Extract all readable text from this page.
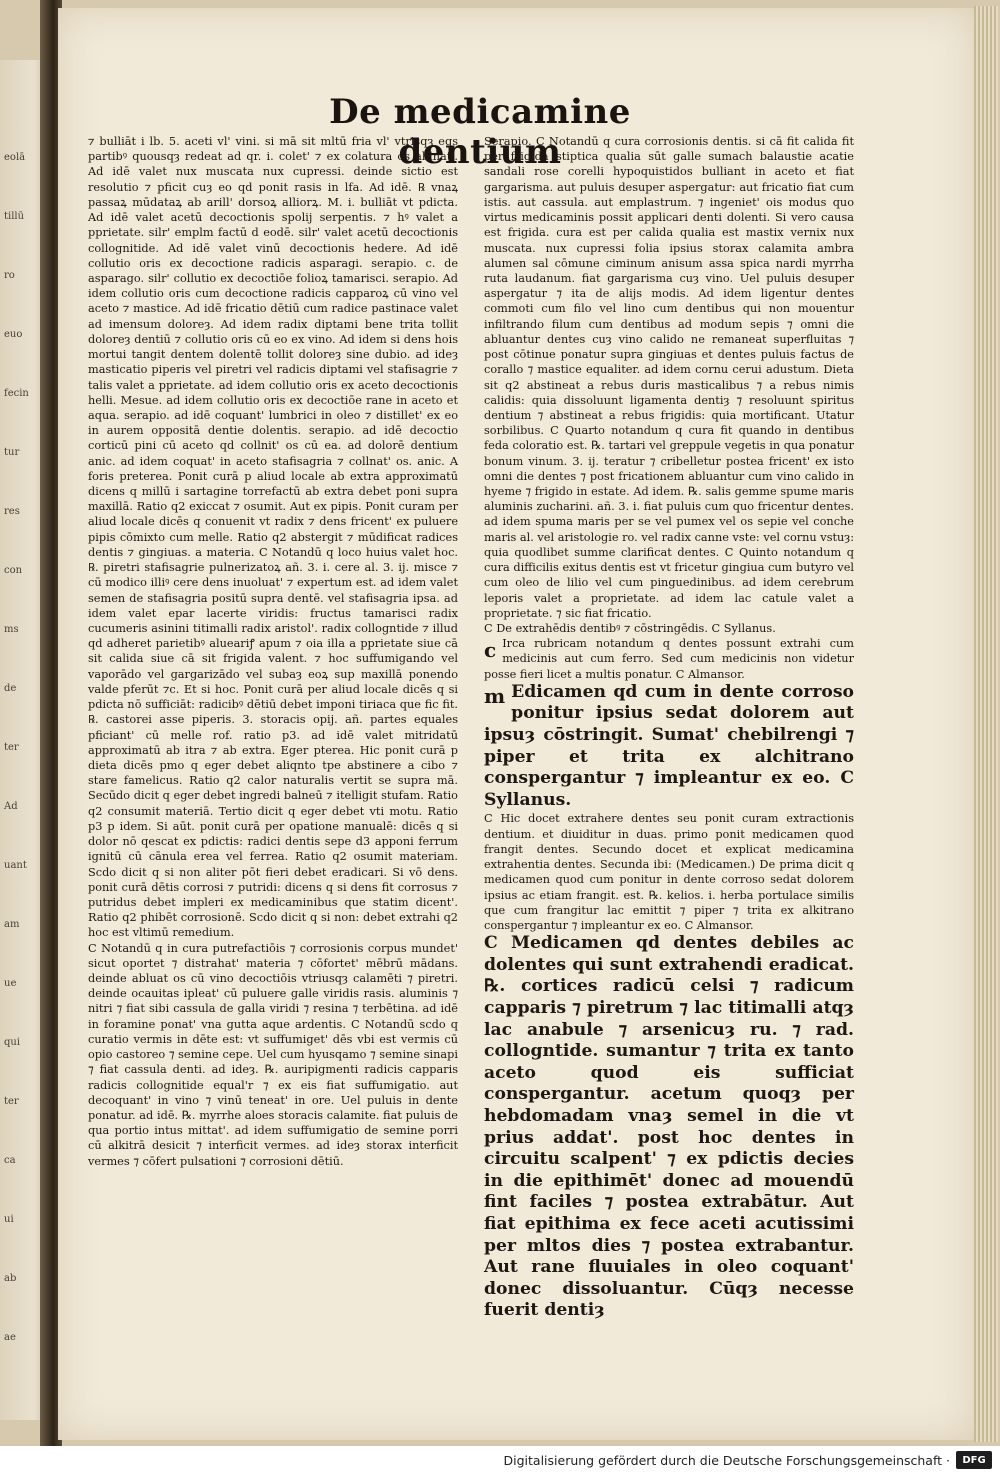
eolā
tillū
ro
euo
fecin
tur
res
con
ms
de
ter
Ad
uant
am
ue
qui
ter
ca
ui
ab
ae
De medicamine dentium

⁊ bulliāt i lb. 5. aceti vl' vini. si mā sit mltū fria vl' vtrisqȝ eqs partibꝰ quousqȝ redeat ad qr. i. colet' ⁊ ex colatura os ablnat'. Ad idē valet nux muscata nux cupressi. deinde sictio est resolutio ⁊ pficit cuȝ eo qd ponit rasis in lfa. Ad idē. ℞ vnaꝝ passaꝝ mūdataꝝ ab arill' dorsoꝝ alliorꝝ. M. i. bulliāt vt pdicta. Ad idē valet acetū decoctionis spolij serpentis. ⁊ hꝰ valet a pprietate. silr' emplm factū d eodē. silr' valet acetū decoctionis collognitide. Ad idē valet vinū decoctionis hedere. Ad idē collutio oris ex decoctione radicis asparagi. serapio. c. de asparago. silr' collutio ex decoctiōe folioꝝ tamarisci. serapio. Ad idem collutio oris cum decoctione radicis capparoꝝ cū vino vel aceto ⁊ mastice. Ad idē fricatio dētiū cum radice pastinace valet ad imensum doloreȝ. Ad idem radix diptami bene trita tollit doloreȝ dentiū ⁊ collutio oris cū eo ex vino. Ad idem si dens hois mortui tangit dentem dolentē tollit doloreȝ sine dubio. ad ideȝ masticatio piperis vel piretri vel radicis diptami vel stafisagrie ⁊ talis valet a pprietate. ad idem collutio oris ex aceto decoctionis helli. Mesue. ad idem collutio oris ex decoctiōe rane in aceto et aqua. serapio. ad idē coquant' lumbrici in oleo ⁊ distillet' ex eo in aurem oppositā dentie dolentis. serapio. ad idē decoctio corticū pini cū aceto qd collnit' os cū ea. ad dolorē dentium anic. ad idem coquat' in aceto stafisagria ⁊ collnat' os. anic. A foris preterea. Ponit curā p aliud locale ab extra approximatū dicens q millū i sartagine torrefactū ab extra debet poni supra maxillā. Ratio q2 exiccat ⁊ osumit. Aut ex pipis. Ponit curam per aliud locale dicēs q conuenit vt radix ⁊ dens fricent' ex puluere pipis cōmixto cum melle. Ratio q2 abstergit ⁊ mūdificat radices dentis ⁊ gingiuas. a materia. C Notandū q loco huius valet hoc. ℞. piretri stafisagrie pulnerizatoꝝ añ. 3. i. cere al. 3. ij. misce ⁊ cū modico illiꝰ cere dens inuoluat' ⁊ expertum est. ad idem valet semen de stafisagria positū supra dentē. vel stafisagria ipsa. ad idem valet epar lacerte viridis: fructus tamarisci radix cucumeris asinini titimalli radix aristol'. radix collogntide ⁊ illud qd adheret parietibꝰ alueariꝭ apum ⁊ oia illa a pprietate siue cā sit calida siue cā sit frigida valent. ⁊ hoc suffumigando vel vaporādo vel gargarizādo vel subaȝ eoꝝ sup maxillā ponendo valde pferūt ⁊c. Et si hoc. Ponit curā per aliud locale dicēs q si pdicta nō sufficiāt: radicibꝰ dētiū debet imponi tiriaca que fic fit. ℞. castorei asse piperis. 3. storacis opij. añ. partes equales pficiant' cū melle rof. ratio p3. ad idē valet mitridatū approximatū ab itra ⁊ ab extra. Eger pterea. Hic ponit curā p dieta dicēs pmo q eger debet aliqnto tpe abstinere a cibo ⁊ stare famelicus. Ratio q2 calor naturalis vertit se supra mā. Secūdo dicit q eger debet ingredi balneū ⁊ itelligit stufam. Ratio q2 consumit materiā. Tertio dicit q eger debet vti motu. Ratio p3 p idem. Si aūt. ponit curā per opatione manualē: dicēs q si dolor nō qescat ex pdictis: radici dentis sepe d3 apponi ferrum ignitū cū cānula erea vel ferrea. Ratio q2 osumit materiam. Scdo dicit q si non aliter pōt fieri debet eradicari. Si vō dens. ponit curā dētis corrosi ⁊ putridi: dicens q si dens fit corrosus ⁊ putridus debet impleri ex medicaminibus que statim dicent'. Ratio q2 phibēt corrosionē. Scdo dicit q si non: debet extrahi q2 hoc est vltimū remedium.

C Notandū q in cura putrefactiōis ⁊ corrosionis corpus mundet' sicut oportet ⁊ distrahat' materia ⁊ cōfortet' mēbrū mādans. deinde abluat os cū vino decoctiōis vtriusqȝ calamēti ⁊ piretri. deinde ocauitas ipleat' cū puluere galle viridis rasis. aluminis ⁊ nitri ⁊ fiat sibi cassula de galla viridi ⁊ resina ⁊ terbētina. ad idē in foramine ponat' vna gutta aque ardentis. C Notandū scdo q curatio vermis in dēte est: vt suffumiget' dēs vbi est vermis cū opio castoreo ⁊ semine cepe. Uel cum hyusqamo ⁊ semine sinapi ⁊ fiat cassula denti. ad ideȝ. ℞. auripigmenti radicis capparis radicis collognitide equal'r ⁊ ex eis fiat suffumigatio. aut decoquant' in vino ⁊ vinū teneat' in ore. Uel puluis in dente ponatur. ad idē. ℞. myrrhe aloes storacis calamite. fiat puluis de qua portio intus mittat'. ad idem suffumigatio de semine porri cū alkitrā desicit ⁊ interficit vermes. ad ideȝ storax interficit vermes ⁊ cōfert pulsationi ⁊ corrosioni dētiū.

Serapio. C Notandū q cura corrosionis dentis. si cā fit calida fit per frigida stiptica qualia sūt galle sumach balaustie acatie sandali rose corelli hypoquistidos bulliant in aceto et fiat gargarisma. aut puluis desuper aspergatur: aut fricatio fiat cum istis. aut cassula. aut emplastrum. ⁊ ingeniet' ois modus quo virtus medicaminis possit applicari denti dolenti. Si vero causa est frigida. cura est per calida qualia est mastix vernix nux muscata. nux cupressi folia ipsius storax calamita ambra alumen sal cōmune ciminum anisum assa spica nardi myrrha ruta laudanum. fiat gargarisma cuȝ vino. Uel puluis desuper aspergatur ⁊ ita de alijs modis. Ad idem ligentur dentes commoti cum filo vel lino cum dentibus qui non mouentur infiltrando filum cum dentibus ad modum sepis ⁊ omni die abluantur dentes cuȝ vino calido ne remaneat superfluitas ⁊ post cōtinue ponatur supra gingiuas et dentes puluis factus de corallo ⁊ mastice equaliter. ad idem cornu cerui adustum. Dieta sit q2 abstineat a rebus duris masticalibus ⁊ a rebus nimis calidis: quia dissoluunt ligamenta dentiȝ ⁊ resoluunt spiritus dentium ⁊ abstineat a rebus frigidis: quia mortificant. Utatur sorbilibus. C Quarto notandum q cura fit quando in dentibus feda coloratio est. ℞. tartari vel greppule vegetis in qua ponatur bonum vinum. 3. ij. teratur ⁊ cribelletur postea fricent' ex isto omni die dentes ⁊ post fricationem abluantur cum vino calido in hyeme ⁊ frigido in estate. Ad idem. ℞. salis gemme spume maris aluminis zucharini. añ. 3. i. fiat puluis cum quo fricentur dentes. ad idem spuma maris per se vel pumex vel os sepie vel conche maris al. vel aristologie ro. vel radix canne vste: vel cornu vstuȝ: quia quodlibet summe clarificat dentes. C Quinto notandum q cura difficilis exitus dentis est vt fricetur gingiua cum butyro vel cum oleo de lilio vel cum pinguedinibus. ad idem cerebrum leporis valet a proprietate. ad idem lac catule valet a proprietate. ⁊ sic fiat fricatio.

C De extrahēdis dentibꝰ ⁊ cōstringēdis. C Syllanus.

c Irca rubricam notandum q dentes possunt extrahi cum medicinis aut cum ferro. Sed cum medicinis non videtur posse fieri licet a multis ponatur. C Almansor.

m Edicamen qd cum in dente corroso ponitur ipsius sedat dolorem aut ipsuȝ cōstringit. Sumat' chebilrengi ⁊ piper et trita ex alchitrano conspergantur ⁊ impleantur ex eo. C Syllanus.

C Hic docet extrahere dentes seu ponit curam extractionis dentium. et diuiditur in duas. primo ponit medicamen quod frangit dentes. Secundo docet et explicat medicamina extrahentia dentes. Secunda ibi: (Medicamen.) De prima dicit q medicamen quod cum ponitur in dente corroso sedat dolorem ipsius ac etiam frangit. est. ℞. kelios. i. herba portulace similis que cum frangitur lac emittit ⁊ piper ⁊ trita ex alkitrano conspergantur ⁊ impleantur ex eo. C Almansor.

C Medicamen qd dentes debiles ac dolentes qui sunt extrahendi eradicat. ℞. cortices radicū celsi ⁊ radicum capparis ⁊ piretrum ⁊ lac titimalli atqȝ lac anabule ⁊ arsenicuȝ ru. ⁊ rad. collogntide. sumantur ⁊ trita ex tanto aceto quod eis sufficiat conspergantur. acetum quoqȝ per hebdomadam vnaȝ semel in die vt prius addat'. post hoc dentes in circuitu scalpent' ⁊ ex pdictis decies in die epithimēt' donec ad mouendū fint faciles ⁊ postea extrabātur. Aut fiat epithima ex fece aceti acutissimi per mltos dies ⁊ postea extrabantur. Aut rane fluuiales in oleo coquant' donec dissoluantur. Cūqȝ necesse fuerit dentiȝ

Digitalisierung gefördert durch die Deutsche Forschungsgemeinschaft ·	DFG
